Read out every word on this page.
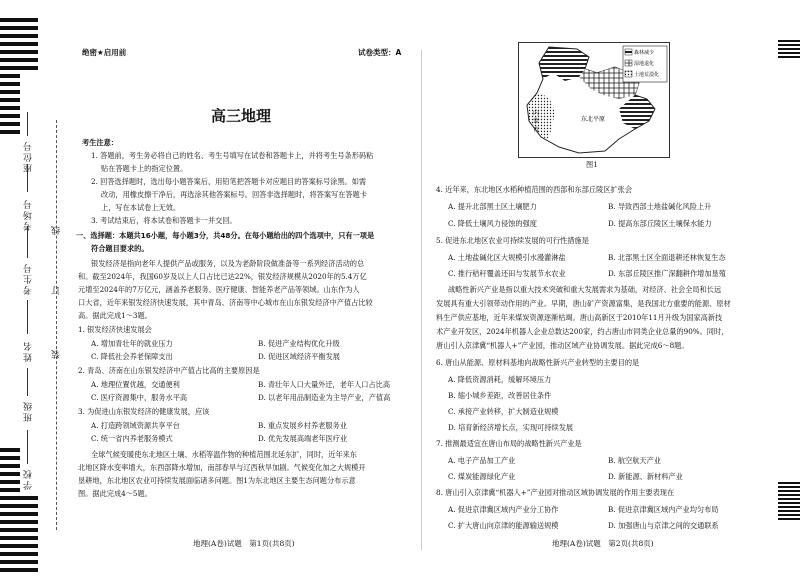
座位号
考场号
考生号
姓名
班级
学校
线
订
装
绝密★启用前	试卷类型：A
高三地理
考生注意：
1. 答题前，考生务必将自己的姓名、考生号填写在试卷和答题卡上，并将考生号条形码粘
贴在答题卡上的指定位置。
2. 回答选择题时，选出每小题答案后，用铅笔把答题卡对应题目的答案标号涂黑。如需
改动，用橡皮擦干净后，再选涂其他答案标号。回答非选择题时，将答案写在答题卡
上，写在本试卷上无效。
3. 考试结束后，将本试卷和答题卡一并交回。
一、选择题：本题共16小题，每小题3分，共48分。在每小题给出的四个选项中，只有一项是
符合题目要求的。
银发经济是指向老年人提供产品或服务，以及为老龄阶段做准备等一系列经济活动的总
和。截至2024年，我国60岁及以上人口占比已达22%，银发经济规模从2020年的5.4万亿
元增至2024年的7万亿元，涵盖养老服务、医疗健康、智能养老产品等领域。山东作为人
口大省，近年来银发经济快速发展，其中青岛、济南等中心城市在山东银发经济中产值占比较
高。据此完成1～3题。
1. 银发经济快速发展会
A. 增加青壮年的就业压力	B. 促进产业结构优化升级
C. 降低社会养老保障支出	D. 促进区域经济平衡发展
2. 青岛、济南在山东银发经济中产值占比高的主要原因是
A. 地理位置优越，交通便利	B. 青壮年人口大量外迁，老年人口占比高
C. 医疗资源集中，服务水平高	D. 以老年用品制造业为主导产业，产值高
3. 为促进山东银发经济的健康发展，应该
A. 打造跨领域资源共享平台	B. 重点发展乡村养老服务业
C. 统一省内养老服务模式	D. 优先发展高端老年医疗业
全球气候变暖使东北地区土壤、水稻等温作物的种植范围北延东扩，同时，近年来东
北地区降水变率增大，东西部降水增加，南部春旱与辽西秋旱加剧。气候变化加之大规模开
垦耕地，东北地区农业可持续发展面临诸多问题。图1为东北地区主要生态问题分布示意
图。据此完成4～5题。
地理(A卷)试题　第1页(共8页)
东北平原
内
蒙
古
森林减少
湿地退化
土地荒漠化
图1
4. 近年来，东北地区水稻种植范围的西部和东部丘陵区扩张会
A. 提升北部黑土区土壤肥力	B. 导致西部土地盐碱化风险上升
C. 降低土壤风力侵蚀的强度	D. 提高东部丘陵区土壤保水能力
5. 促进东北地区农业可持续发展的可行性措施是
A. 土地盐碱化区大规模引水漫灌淋盐	B. 北部黑土区全面退耕还林恢复生态
C. 推行秸秆覆盖还田与发展节水农业	D. 东部丘陵区推广深翻耕作增加垦殖
战略性新兴产业是指以重大技术突破和重大发展需求为基础，对经济、社会全局和长远
发展具有重大引领带动作用的产业。早期，唐山矿产资源富集，是我国北方重要的能源、原材
料生产供应基地，近年来煤炭资源逐渐枯竭。唐山高新区于2010年11月升级为国家高新技
术产业开发区，2024年机器人企业总数达200家，约占唐山市同类企业总量的90%。同时，
唐山引入京津冀“机器人+”产业园，推动区域产业协调发展。据此完成6～8题。
6. 唐山从能源、原材料基地向战略性新兴产业转型的主要目的是
A. 降低资源消耗，缓解环境压力
B. 缩小城乡差距，改善居住条件
C. 承接产业转移，扩大制造业规模
D. 培育新经济增长点，实现可持续发展
7. 推测最适宜在唐山布局的战略性新兴产业是
A. 电子产品加工产业	B. 航空航天产业
C. 煤炭能源绿化产业	D. 新能源、新材料产业
8. 唐山引入京津冀“机器人+”产业园对推动区域协调发展的作用主要表现在
A. 促进京津冀区域内产业分工协作	B. 促进京津冀区域内产业均匀布局
C. 扩大唐山向京津的能源输送规模	D. 加强唐山与京津之间的交通联系
地理(A卷)试题　第2页(共8页)
